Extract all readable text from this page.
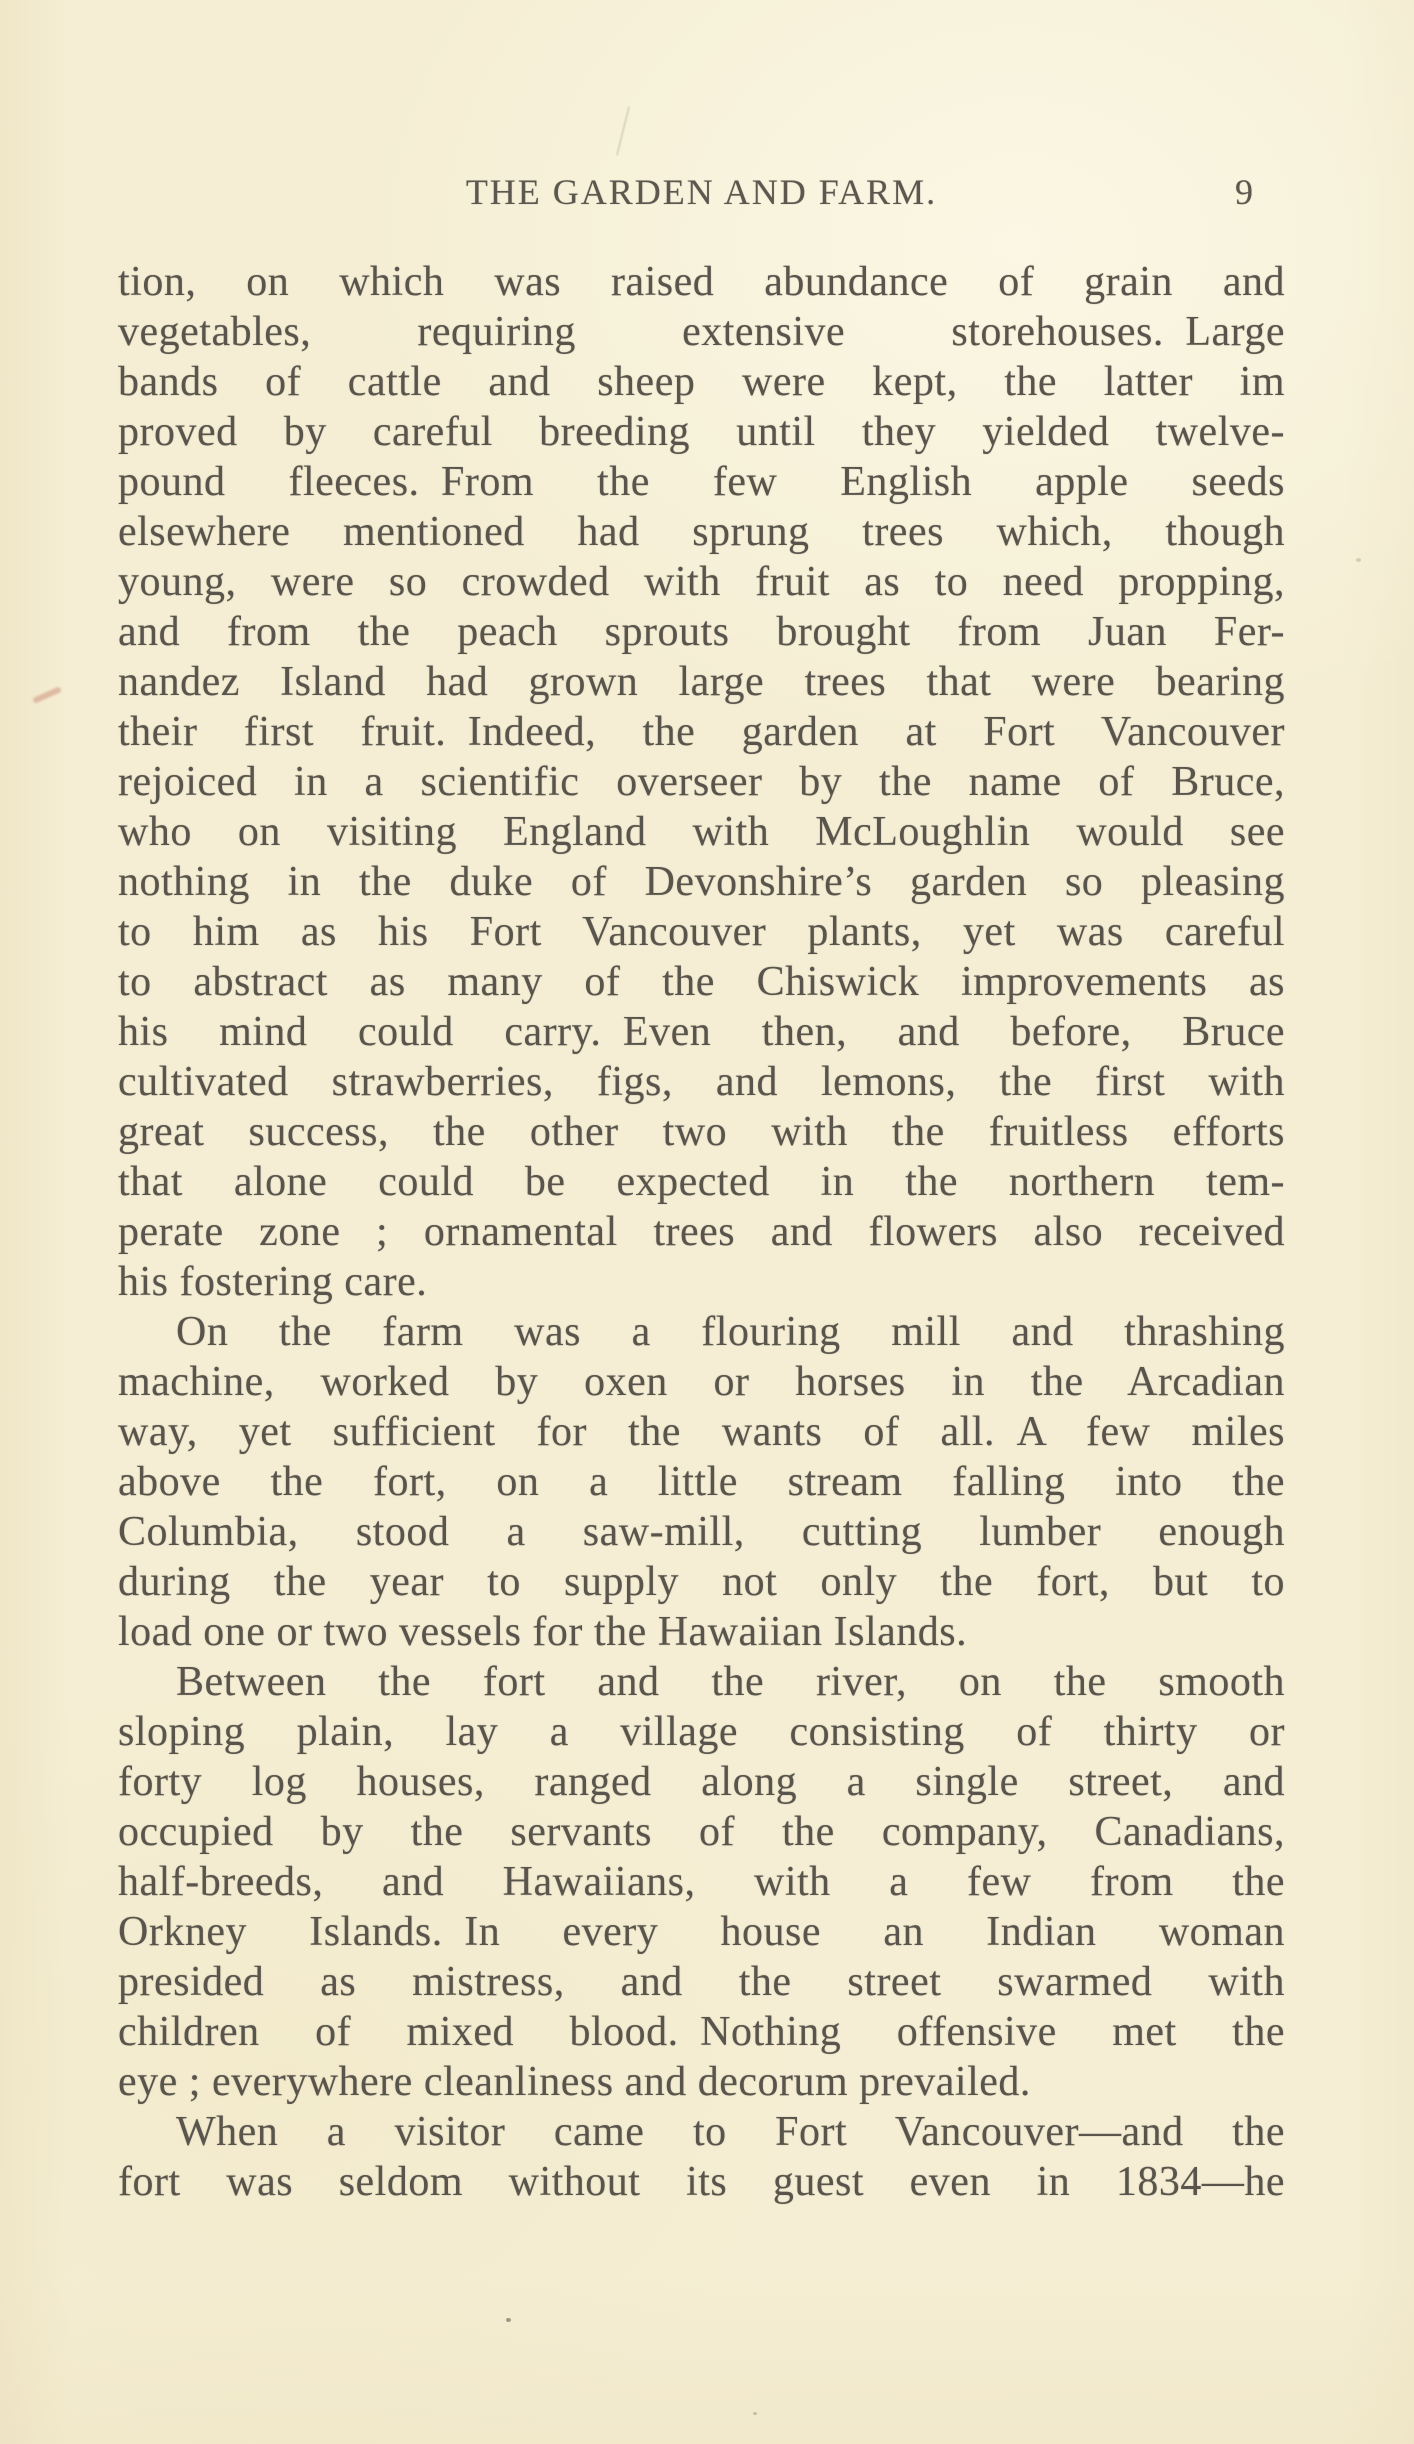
THE GARDEN AND FARM.	9
tion, on which was raised abundance of grain and
vegetables, requiring extensive storehouses. Large
bands of cattle and sheep were kept, the latter im
proved by careful breeding until they yielded twelve-
pound fleeces. From the few English apple seeds
elsewhere mentioned had sprung trees which, though
young, were so crowded with fruit as to need propping,
and from the peach sprouts brought from Juan Fer-
nandez Island had grown large trees that were bearing
their first fruit. Indeed, the garden at Fort Vancouver
rejoiced in a scientific overseer by the name of Bruce,
who on visiting England with McLoughlin would see
nothing in the duke of Devonshire’s garden so pleasing
to him as his Fort Vancouver plants, yet was careful
to abstract as many of the Chiswick improvements as
his mind could carry. Even then, and before, Bruce
cultivated strawberries, figs, and lemons, the first with
great success, the other two with the fruitless efforts
that alone could be expected in the northern tem-
perate zone ; ornamental trees and flowers also received
his fostering care.
On the farm was a flouring mill and thrashing
machine, worked by oxen or horses in the Arcadian
way, yet sufficient for the wants of all. A few miles
above the fort, on a little stream falling into the
Columbia, stood a saw-mill, cutting lumber enough
during the year to supply not only the fort, but to
load one or two vessels for the Hawaiian Islands.
Between the fort and the river, on the smooth
sloping plain, lay a village consisting of thirty or
forty log houses, ranged along a single street, and
occupied by the servants of the company, Canadians,
half-breeds, and Hawaiians, with a few from the
Orkney Islands. In every house an Indian woman
presided as mistress, and the street swarmed with
children of mixed blood. Nothing offensive met the
eye ; everywhere cleanliness and decorum prevailed.
When a visitor came to Fort Vancouver—and the
fort was seldom without its guest even in 1834—he
